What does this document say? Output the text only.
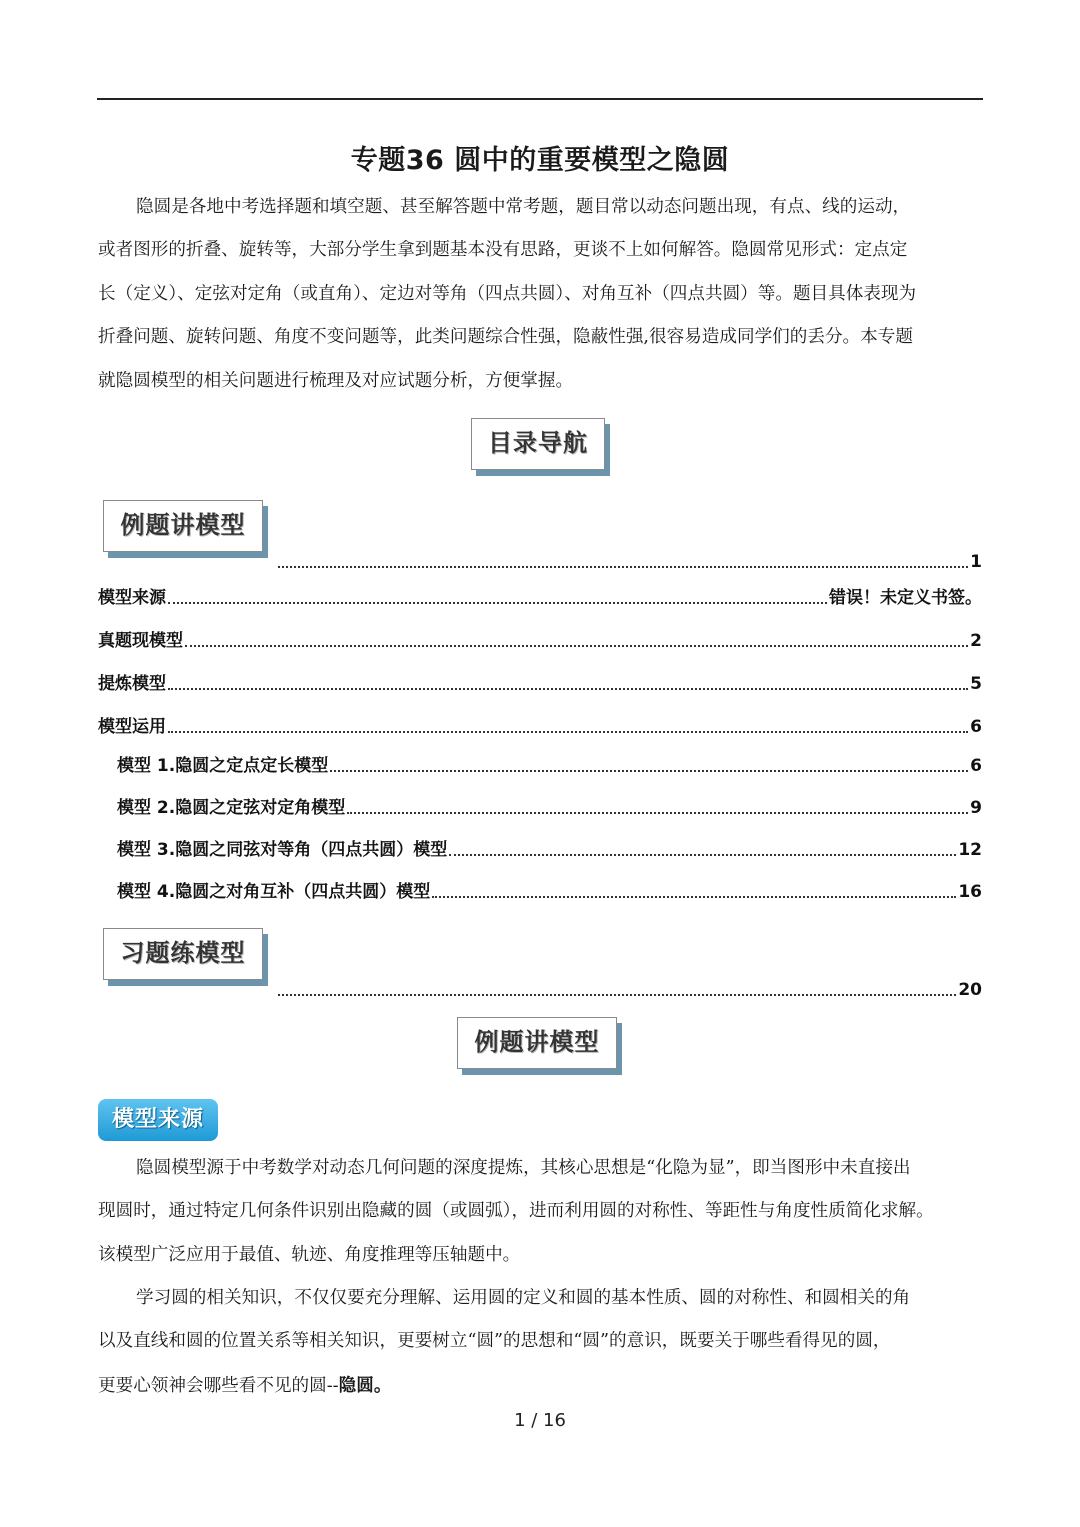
专题36 圆中的重要模型之隐圆
隐圆是各地中考选择题和填空题、甚至解答题中常考题，题目常以动态问题出现，有点、线的运动，
或者图形的折叠、旋转等，大部分学生拿到题基本没有思路，更谈不上如何解答。隐圆常见形式：定点定
长（定义）、定弦对定角（或直角）、定边对等角（四点共圆）、对角互补（四点共圆）等。题目具体表现为
折叠问题、旋转问题、角度不变问题等，此类问题综合性强，隐蔽性强,很容易造成同学们的丢分。本专题
就隐圆模型的相关问题进行梳理及对应试题分析，方便掌握。
目录导航
例题讲模型
1
模型来源	错误！未定义书签。
真题现模型	2
提炼模型	5
模型运用	6
模型 1.隐圆之定点定长模型	6
模型 2.隐圆之定弦对定角模型	9
模型 3.隐圆之同弦对等角（四点共圆）模型	12
模型 4.隐圆之对角互补（四点共圆）模型	16
习题练模型
20
例题讲模型
模型来源
隐圆模型源于中考数学对动态几何问题的深度提炼，其核心思想是“化隐为显”，即当图形中未直接出
现圆时，通过特定几何条件识别出隐藏的圆（或圆弧），进而利用圆的对称性、等距性与角度性质简化求解。
该模型广泛应用于最值、轨迹、角度推理等压轴题中。
学习圆的相关知识，不仅仅要充分理解、运用圆的定义和圆的基本性质、圆的对称性、和圆相关的角
以及直线和圆的位置关系等相关知识，更要树立“圆”的思想和“圆”的意识，既要关于哪些看得见的圆，
更要心领神会哪些看不见的圆--隐圆。
1 / 16
